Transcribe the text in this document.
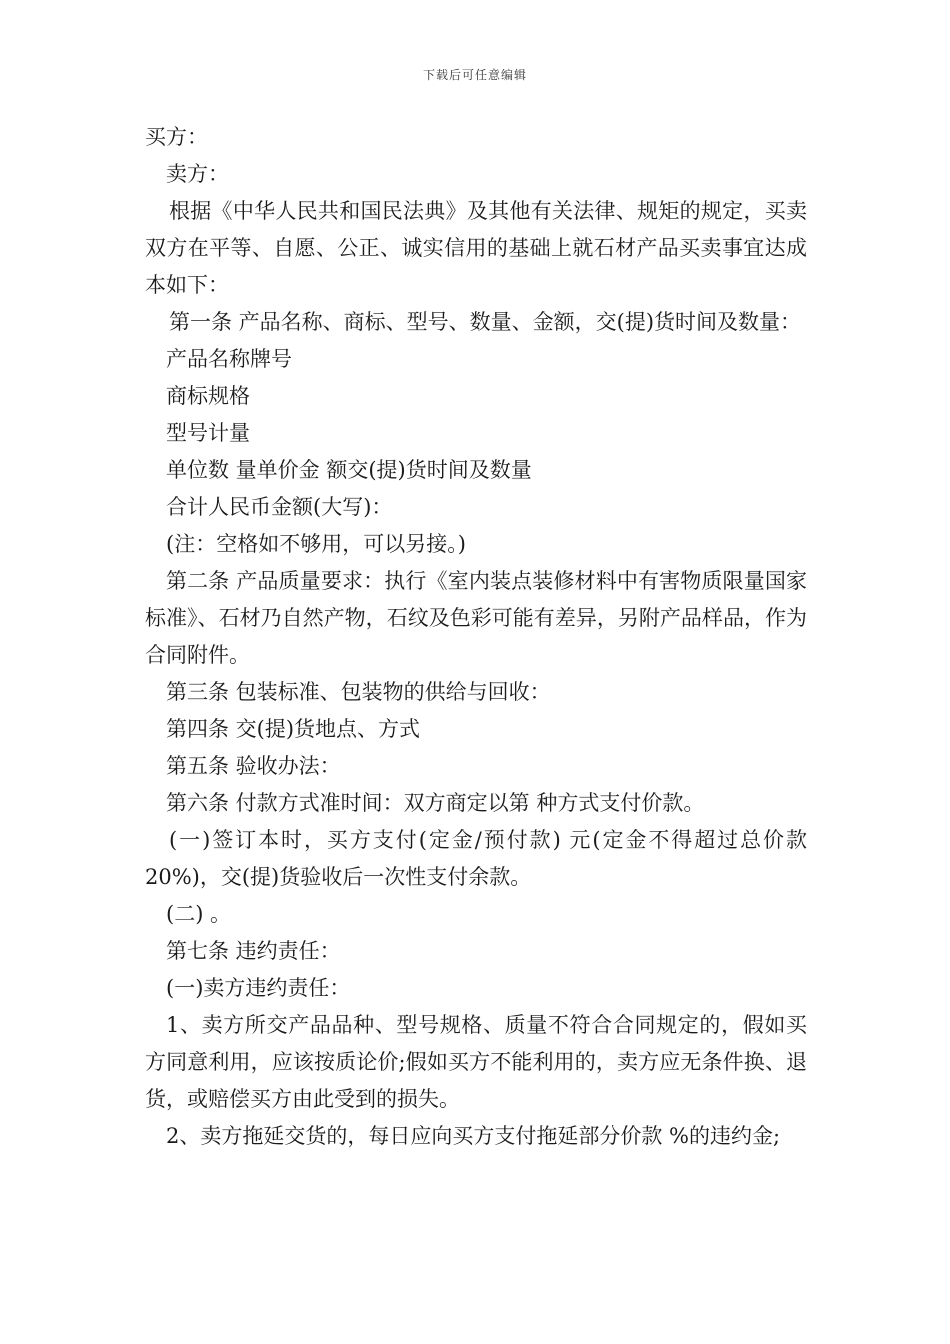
下载后可任意编辑

买方：

卖方：

根据《中华人民共和国民法典》及其他有关法律、规矩的规定，买卖双方在平等、自愿、公正、诚实信用的基础上就石材产品买卖事宜达成本如下：

第一条 产品名称、商标、型号、数量、金额，交(提)货时间及数量：

产品名称牌号

商标规格

型号计量

单位数 量单价金 额交(提)货时间及数量

合计人民币金额(大写)：

(注：空格如不够用，可以另接。)

第二条 产品质量要求：执行《室内装点装修材料中有害物质限量国家标准》、石材乃自然产物，石纹及色彩可能有差异，另附产品样品，作为合同附件。

第三条 包装标准、包装物的供给与回收：

第四条 交(提)货地点、方式

第五条 验收办法：

第六条 付款方式准时间：双方商定以第 种方式支付价款。

(一)签订本时，买方支付(定金/预付款) 元(定金不得超过总价款20%)，交(提)货验收后一次性支付余款。

(二) 。

第七条 违约责任：

(一)卖方违约责任：

1、卖方所交产品品种、型号规格、质量不符合合同规定的，假如买方同意利用，应该按质论价;假如买方不能利用的，卖方应无条件换、退货，或赔偿买方由此受到的损失。

2、卖方拖延交货的，每日应向买方支付拖延部分价款 %的违约金;
